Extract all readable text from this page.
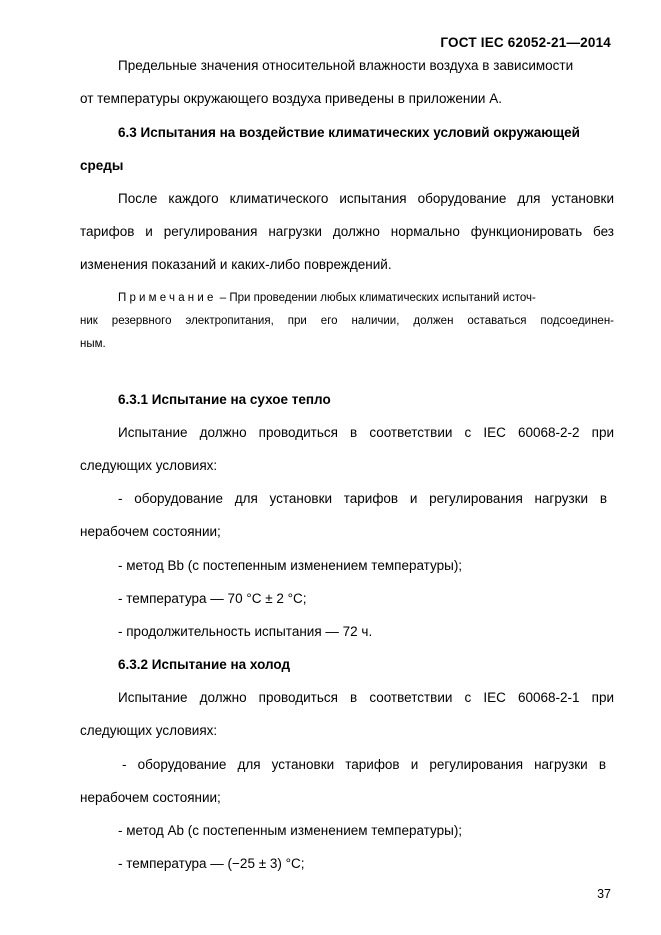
ГОСТ IEC 62052-21—2014
Предельные значения относительной влажности воздуха в зависимости
от температуры окружающего воздуха приведены в приложении А.
6.3 Испытания на воздействие климатических условий окружающей
среды
После каждого климатического испытания оборудование для установки
тарифов и регулирования нагрузки должно нормально функционировать без
изменения показаний и каких-либо повреждений.
Примечание – При проведении любых климатических испытаний источ-
ник резервного электропитания, при его наличии, должен оставаться подсоединен-
ным.
6.3.1 Испытание на сухое тепло
Испытание должно проводиться в соответствии с IEC 60068-2-2 при
следующих условиях:
- оборудование для установки тарифов и регулирования нагрузки в
нерабочем состоянии;
- метод Bb (с постепенным изменением температуры);
- температура — 70 °С ± 2 °С;
- продолжительность испытания — 72 ч.
6.3.2 Испытание на холод
Испытание должно проводиться в соответствии с IEC 60068-2-1 при
следующих условиях:
- оборудование для установки тарифов и регулирования нагрузки в
нерабочем состоянии;
- метод Ab (с постепенным изменением температуры);
- температура — (−25 ± 3) °С;
37
